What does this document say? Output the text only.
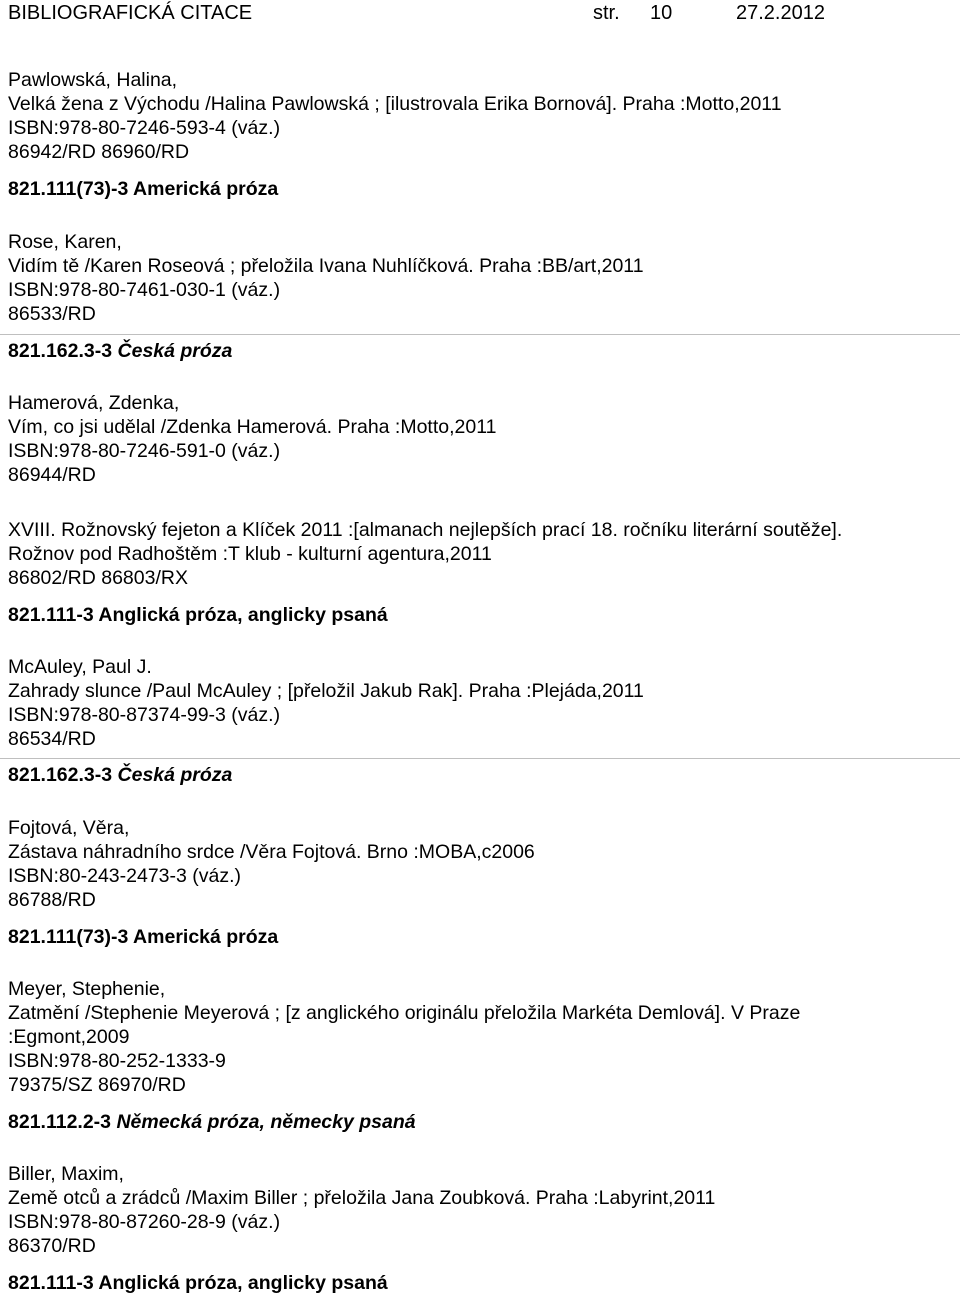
BIBLIOGRAFICKÁ CITACE	str. 10	27.2.2012
Pawlowská, Halina,
Velká žena z Východu /Halina Pawlowská ; [ilustrovala Erika Bornová]. Praha :Motto,2011
ISBN:978-80-7246-593-4 (váz.)
86942/RD 86960/RD
821.111(73)-3 Americká próza
Rose, Karen,
Vidím tě /Karen Roseová ; přeložila Ivana Nuhlíčková. Praha :BB/art,2011
ISBN:978-80-7461-030-1 (váz.)
86533/RD
821.162.3-3 Česká próza
Hamerová, Zdenka,
Vím, co jsi udělal /Zdenka Hamerová. Praha :Motto,2011
ISBN:978-80-7246-591-0 (váz.)
86944/RD
XVIII. Rožnovský fejeton a Klíček 2011 :[almanach nejlepších prací 18. ročníku literární soutěže].
Rožnov pod Radhoštěm :T klub - kulturní agentura,2011
86802/RD 86803/RX
821.111-3 Anglická próza, anglicky psaná
McAuley, Paul J.
Zahrady slunce /Paul McAuley ; [přeložil Jakub Rak]. Praha :Plejáda,2011
ISBN:978-80-87374-99-3 (váz.)
86534/RD
821.162.3-3 Česká próza
Fojtová, Věra,
Zástava náhradního srdce /Věra Fojtová. Brno :MOBA,c2006
ISBN:80-243-2473-3 (váz.)
86788/RD
821.111(73)-3 Americká próza
Meyer, Stephenie,
Zatmění /Stephenie Meyerová ; [z anglického originálu přeložila Markéta Demlová]. V Praze
:Egmont,2009
ISBN:978-80-252-1333-9
79375/SZ 86970/RD
821.112.2-3 Německá próza, německy psaná
Biller, Maxim,
Země otců a zrádců /Maxim Biller ; přeložila Jana Zoubková. Praha :Labyrint,2011
ISBN:978-80-87260-28-9 (váz.)
86370/RD
821.111-3 Anglická próza, anglicky psaná
